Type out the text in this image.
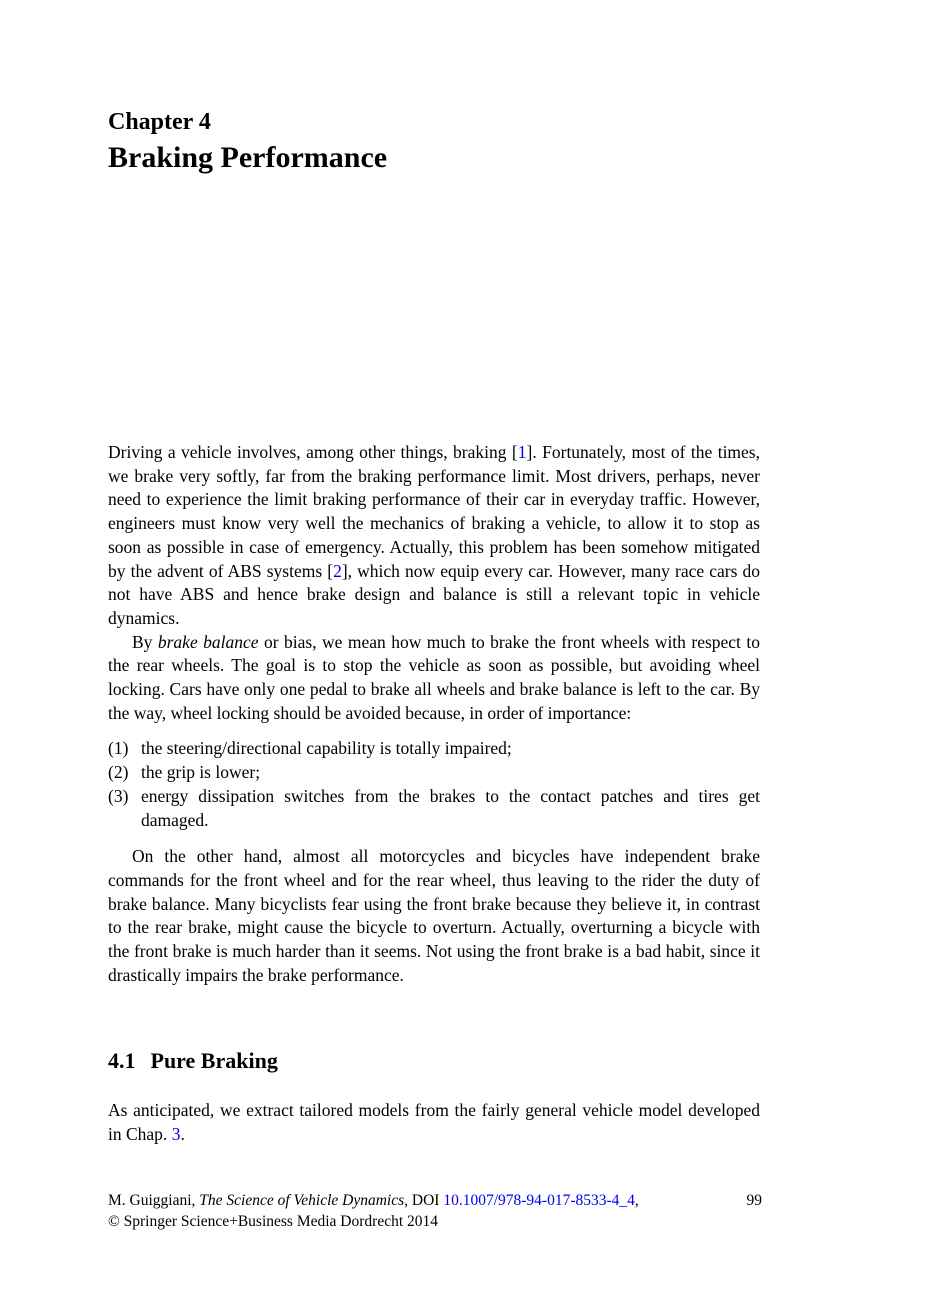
Chapter 4
Braking Performance

Driving a vehicle involves, among other things, braking [1]. Fortunately, most of the times, we brake very softly, far from the braking performance limit. Most drivers, perhaps, never need to experience the limit braking performance of their car in everyday traffic. However, engineers must know very well the mechanics of braking a vehicle, to allow it to stop as soon as possible in case of emergency. Actually, this problem has been somehow mitigated by the advent of ABS systems [2], which now equip every car. However, many race cars do not have ABS and hence brake design and balance is still a relevant topic in vehicle dynamics.

By brake balance or bias, we mean how much to brake the front wheels with respect to the rear wheels. The goal is to stop the vehicle as soon as possible, but avoiding wheel locking. Cars have only one pedal to brake all wheels and brake balance is left to the car. By the way, wheel locking should be avoided because, in order of importance:

(1) the steering/directional capability is totally impaired;
(2) the grip is lower;
(3) energy dissipation switches from the brakes to the contact patches and tires get damaged.

On the other hand, almost all motorcycles and bicycles have independent brake commands for the front wheel and for the rear wheel, thus leaving to the rider the duty of brake balance. Many bicyclists fear using the front brake because they believe it, in contrast to the rear brake, might cause the bicycle to overturn. Actually, overturning a bicycle with the front brake is much harder than it seems. Not using the front brake is a bad habit, since it drastically impairs the brake performance.

4.1 Pure Braking

As anticipated, we extract tailored models from the fairly general vehicle model developed in Chap. 3.

M. Guiggiani, The Science of Vehicle Dynamics, DOI 10.1007/978-94-017-8533-4_4,	99
© Springer Science+Business Media Dordrecht 2014
